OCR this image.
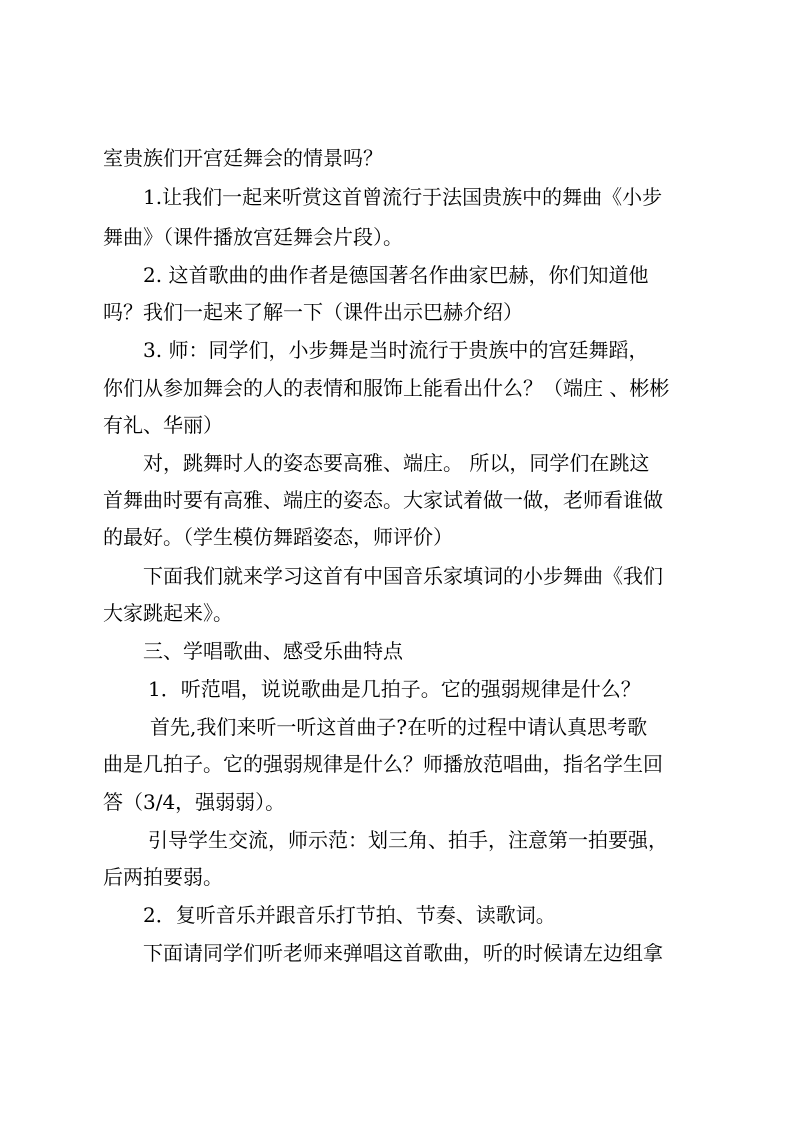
室贵族们开宫廷舞会的情景吗？
1.让我们一起来听赏这首曾流行于法国贵族中的舞曲《小步
舞曲》（课件播放宫廷舞会片段）。
2. 这首歌曲的曲作者是德国著名作曲家巴赫，你们知道他
吗？我们一起来了解一下（课件出示巴赫介绍）
3. 师：同学们，小步舞是当时流行于贵族中的宫廷舞蹈，
你们从参加舞会的人的表情和服饰上能看出什么？（端庄 、彬彬
有礼、华丽）
对，跳舞时人的姿态要高雅、端庄。 所以，同学们在跳这
首舞曲时要有高雅、端庄的姿态。大家试着做一做，老师看谁做
的最好。（学生模仿舞蹈姿态，师评价）
下面我们就来学习这首有中国音乐家填词的小步舞曲《我们
大家跳起来》。
三、学唱歌曲、感受乐曲特点
1．听范唱，说说歌曲是几拍子。它的强弱规律是什么？
首先,我们来听一听这首曲子?在听的过程中请认真思考歌
曲是几拍子。它的强弱规律是什么？师播放范唱曲，指名学生回
答（3/4，强弱弱）。
引导学生交流，师示范：划三角、拍手，注意第一拍要强，
后两拍要弱。
2．复听音乐并跟音乐打节拍、节奏、读歌词。
下面请同学们听老师来弹唱这首歌曲，听的时候请左边组拿
